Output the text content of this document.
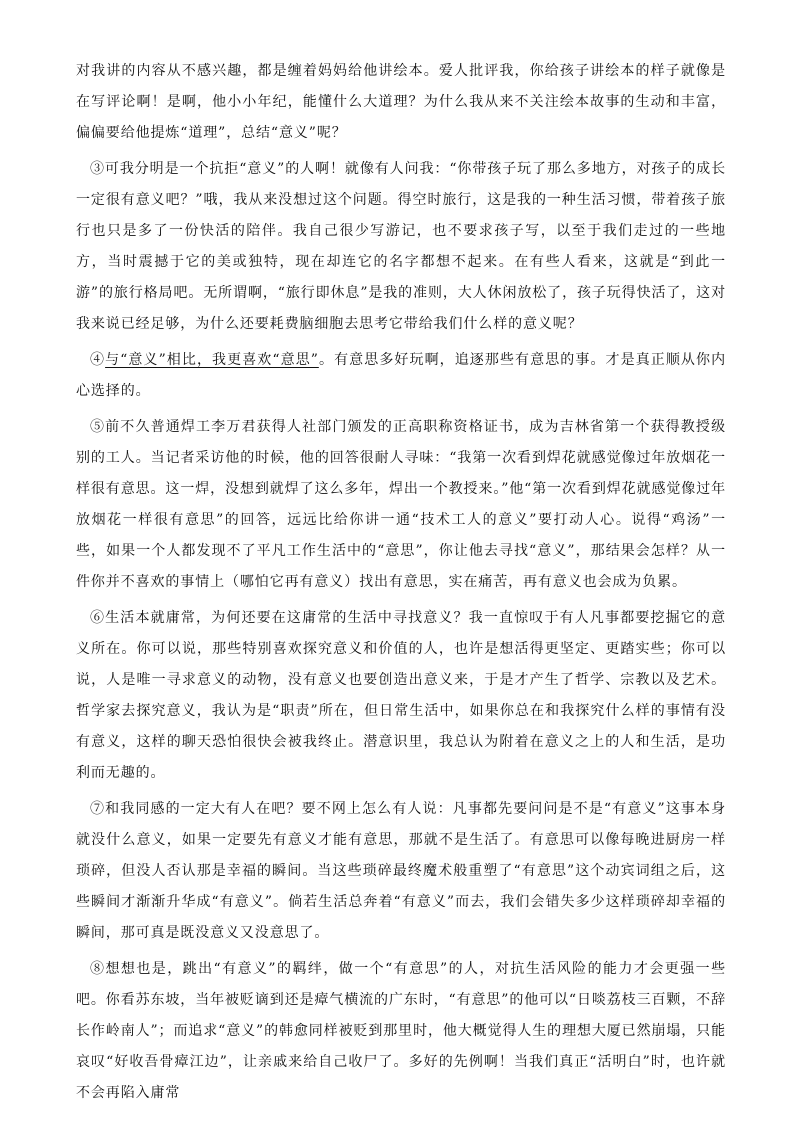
对我讲的内容从不感兴趣，都是缠着妈妈给他讲绘本。爱人批评我，你给孩子讲绘本的样子就像是在写评论啊！是啊，他小小年纪，能懂什么大道理？为什么我从来不关注绘本故事的生动和丰富，偏偏要给他提炼“道理”，总结“意义”呢？

③可我分明是一个抗拒“意义”的人啊！就像有人问我：“你带孩子玩了那么多地方，对孩子的成长一定很有意义吧？”哦，我从来没想过这个问题。得空时旅行，这是我的一种生活习惯，带着孩子旅行也只是多了一份快活的陪伴。我自己很少写游记，也不要求孩子写，以至于我们走过的一些地方，当时震撼于它的美或独特，现在却连它的名字都想不起来。在有些人看来，这就是“到此一游”的旅行格局吧。无所谓啊，“旅行即休息”是我的准则，大人休闲放松了，孩子玩得快活了，这对我来说已经足够，为什么还要耗费脑细胞去思考它带给我们什么样的意义呢？

④与“意义”相比，我更喜欢“意思”。有意思多好玩啊，追逐那些有意思的事。才是真正顺从你内心选择的。

⑤前不久普通焊工李万君获得人社部门颁发的正高职称资格证书，成为吉林省第一个获得教授级别的工人。当记者采访他的时候，他的回答很耐人寻味：“我第一次看到焊花就感觉像过年放烟花一样很有意思。这一焊，没想到就焊了这么多年，焊出一个教授来。”他“第一次看到焊花就感觉像过年放烟花一样很有意思”的回答，远远比给你讲一通“技术工人的意义”要打动人心。说得“鸡汤”一些，如果一个人都发现不了平凡工作生活中的“意思”，你让他去寻找“意义”，那结果会怎样？从一件你并不喜欢的事情上（哪怕它再有意义）找出有意思，实在痛苦，再有意义也会成为负累。

⑥生活本就庸常，为何还要在这庸常的生活中寻找意义？我一直惊叹于有人凡事都要挖掘它的意义所在。你可以说，那些特别喜欢探究意义和价值的人，也许是想活得更坚定、更踏实些；你可以说，人是唯一寻求意义的动物，没有意义也要创造出意义来，于是才产生了哲学、宗教以及艺术。哲学家去探究意义，我认为是“职责”所在，但日常生活中，如果你总在和我探究什么样的事情有没有意义，这样的聊天恐怕很快会被我终止。潜意识里，我总认为附着在意义之上的人和生活，是功利而无趣的。

⑦和我同感的一定大有人在吧？要不网上怎么有人说：凡事都先要问问是不是“有意义”这事本身就没什么意义，如果一定要先有意义才能有意思，那就不是生活了。有意思可以像每晚进厨房一样琐碎，但没人否认那是幸福的瞬间。当这些琐碎最终魔术般重塑了“有意思”这个动宾词组之后，这些瞬间才渐渐升华成“有意义”。倘若生活总奔着“有意义”而去，我们会错失多少这样琐碎却幸福的瞬间，那可真是既没意义又没意思了。

⑧想想也是，跳出“有意义”的羁绊，做一个“有意思”的人，对抗生活风险的能力才会更强一些吧。你看苏东坡，当年被贬谪到还是瘴气横流的广东时，“有意思”的他可以“日啖荔枝三百颗，不辞长作岭南人”；而追求“意义”的韩愈同样被贬到那里时，他大概觉得人生的理想大厦已然崩塌，只能哀叹“好收吾骨瘴江边”，让亲戚来给自己收尸了。多好的先例啊！当我们真正“活明白”时，也许就不会再陷入庸常
